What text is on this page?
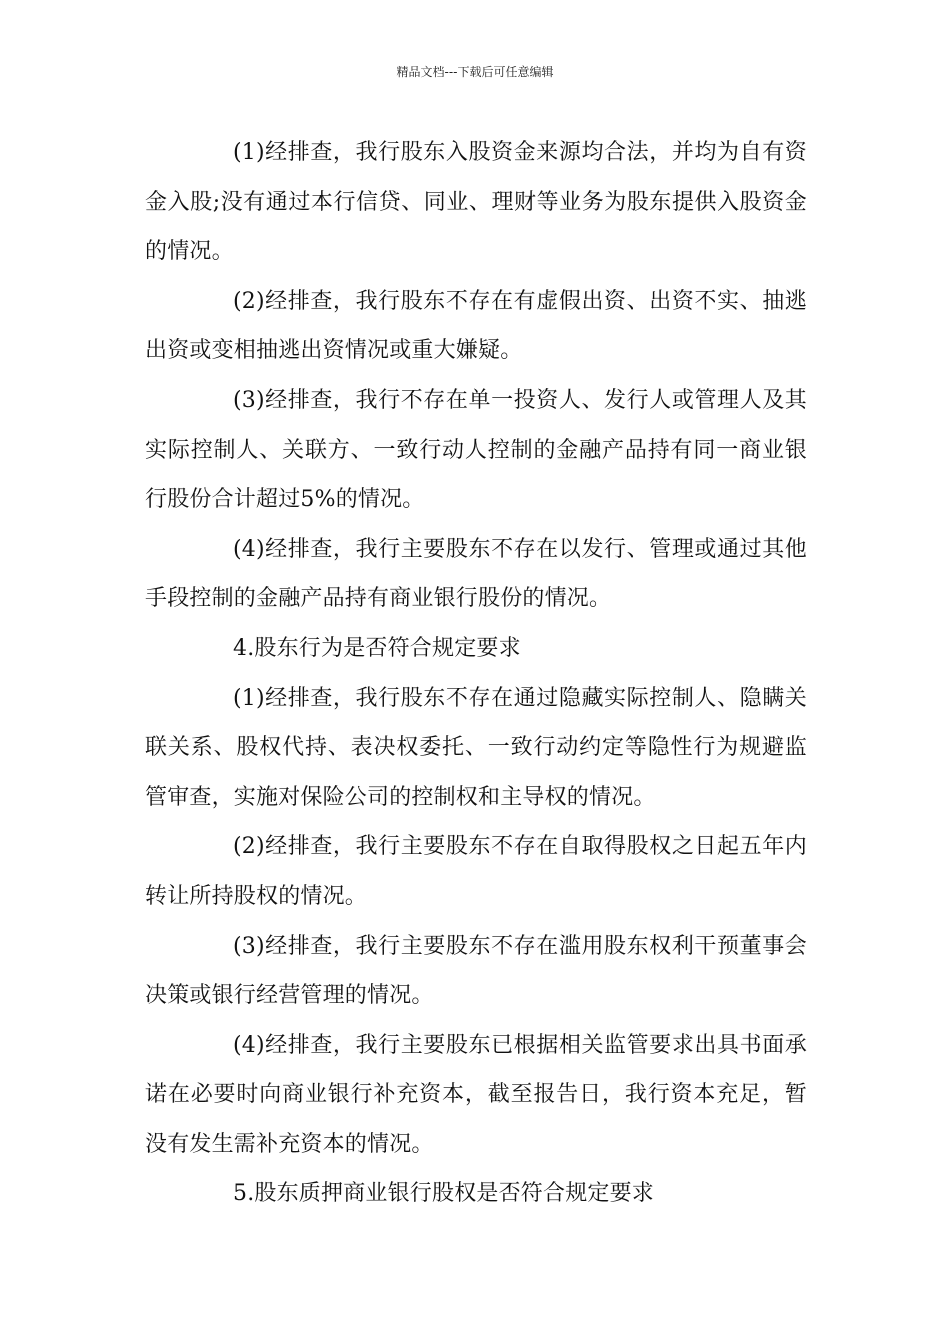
精品文档---下载后可任意编辑

(1)经排查，我行股东入股资金来源均合法，并均为自有资金入股;没有通过本行信贷、同业、理财等业务为股东提供入股资金的情况。

(2)经排查，我行股东不存在有虚假出资、出资不实、抽逃出资或变相抽逃出资情况或重大嫌疑。

(3)经排查，我行不存在单一投资人、发行人或管理人及其实际控制人、关联方、一致行动人控制的金融产品持有同一商业银行股份合计超过5%的情况。

(4)经排查，我行主要股东不存在以发行、管理或通过其他手段控制的金融产品持有商业银行股份的情况。

4.股东行为是否符合规定要求

(1)经排查，我行股东不存在通过隐藏实际控制人、隐瞒关联关系、股权代持、表决权委托、一致行动约定等隐性行为规避监管审查，实施对保险公司的控制权和主导权的情况。

(2)经排查，我行主要股东不存在自取得股权之日起五年内转让所持股权的情况。

(3)经排查，我行主要股东不存在滥用股东权利干预董事会决策或银行经营管理的情况。

(4)经排查，我行主要股东已根据相关监管要求出具书面承诺在必要时向商业银行补充资本，截至报告日，我行资本充足，暂没有发生需补充资本的情况。

5.股东质押商业银行股权是否符合规定要求
